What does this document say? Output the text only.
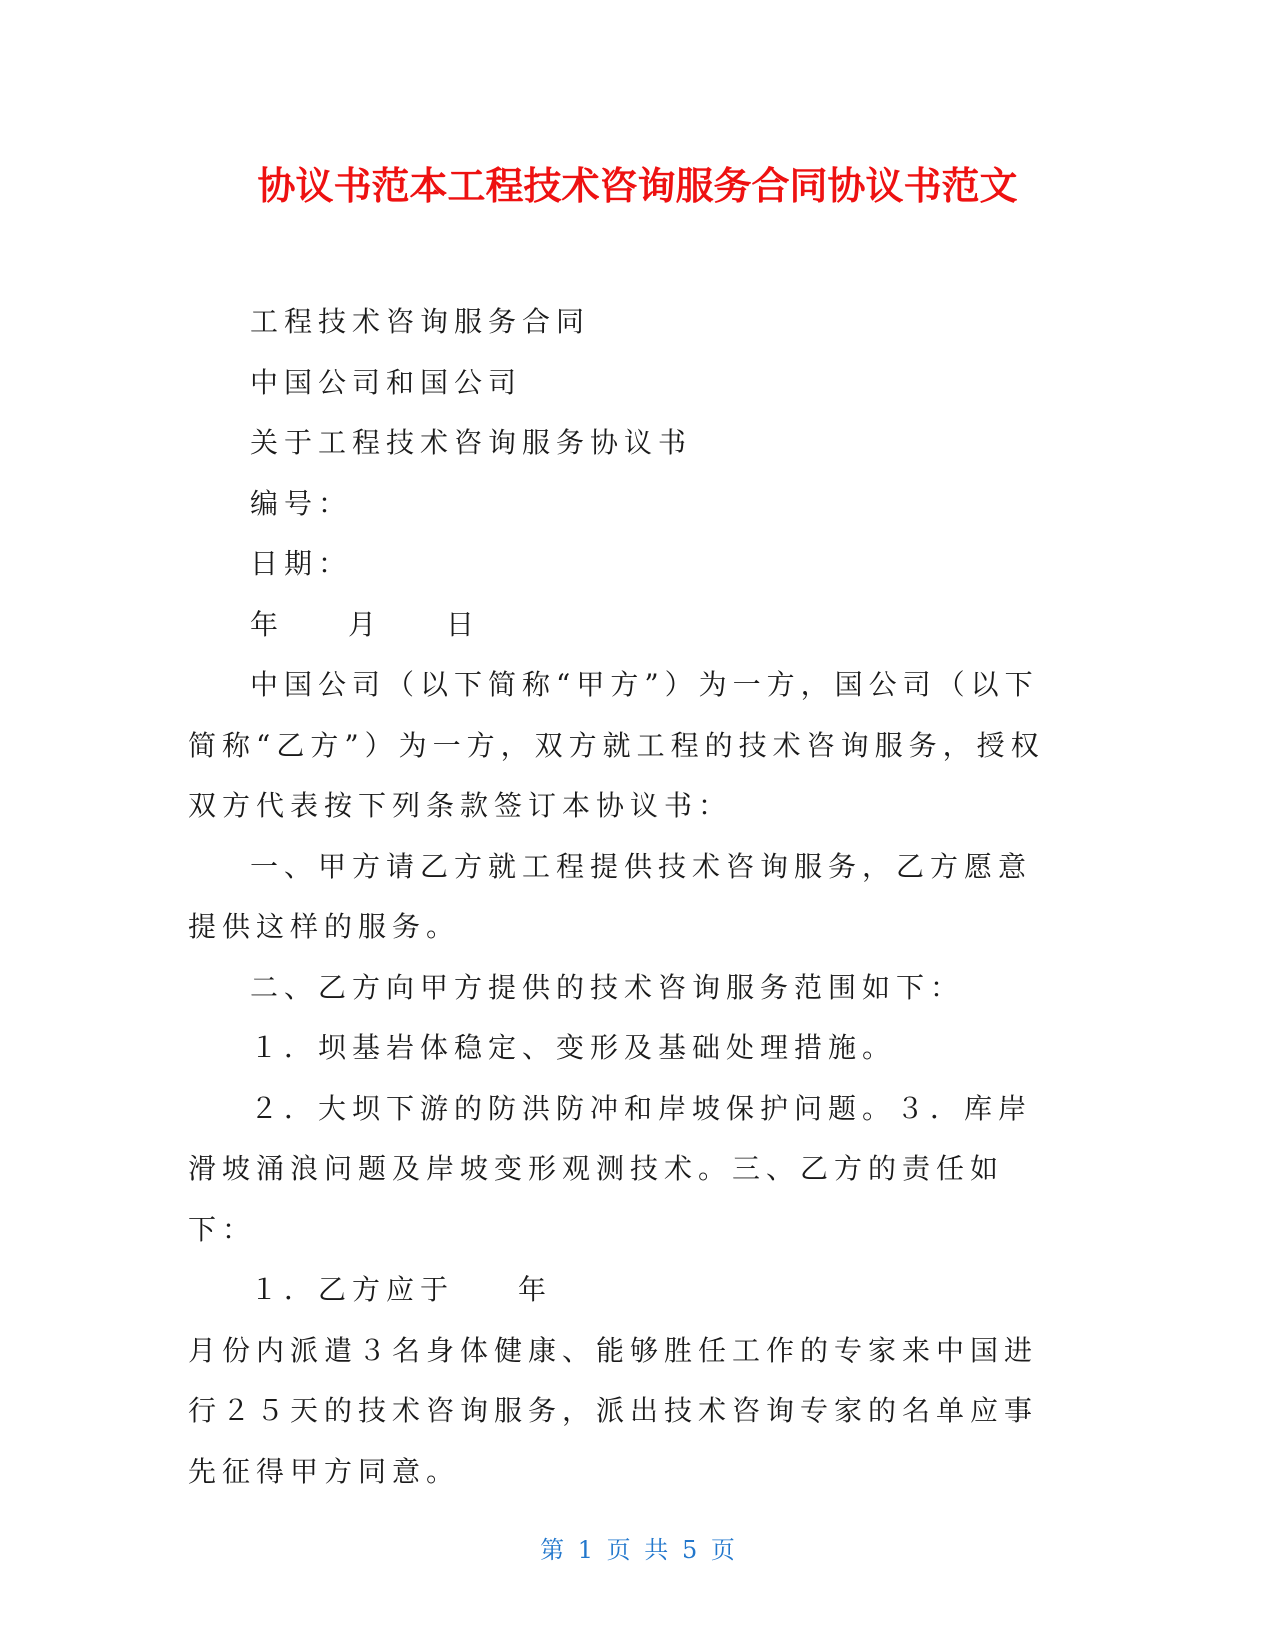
协议书范本工程技术咨询服务合同协议书范文

工程技术咨询服务合同

中国公司和国公司

关于工程技术咨询服务协议书

编号：

日期：

年 月 日

中国公司（以下简称“甲方”）为一方，国公司（以下简称“乙方”）为一方，双方就工程的技术咨询服务，授权双方代表按下列条款签订本协议书：

一、甲方请乙方就工程提供技术咨询服务，乙方愿意提供这样的服务。

二、乙方向甲方提供的技术咨询服务范围如下：

１．坝基岩体稳定、变形及基础处理措施。

２．大坝下游的防洪防冲和岸坡保护问题。３．库岸滑坡涌浪问题及岸坡变形观测技术。三、乙方的责任如下：

１．乙方应于 年

月份内派遣３名身体健康、能够胜任工作的专家来中国进行２５天的技术咨询服务，派出技术咨询专家的名单应事先征得甲方同意。

第 1 页 共 5 页
